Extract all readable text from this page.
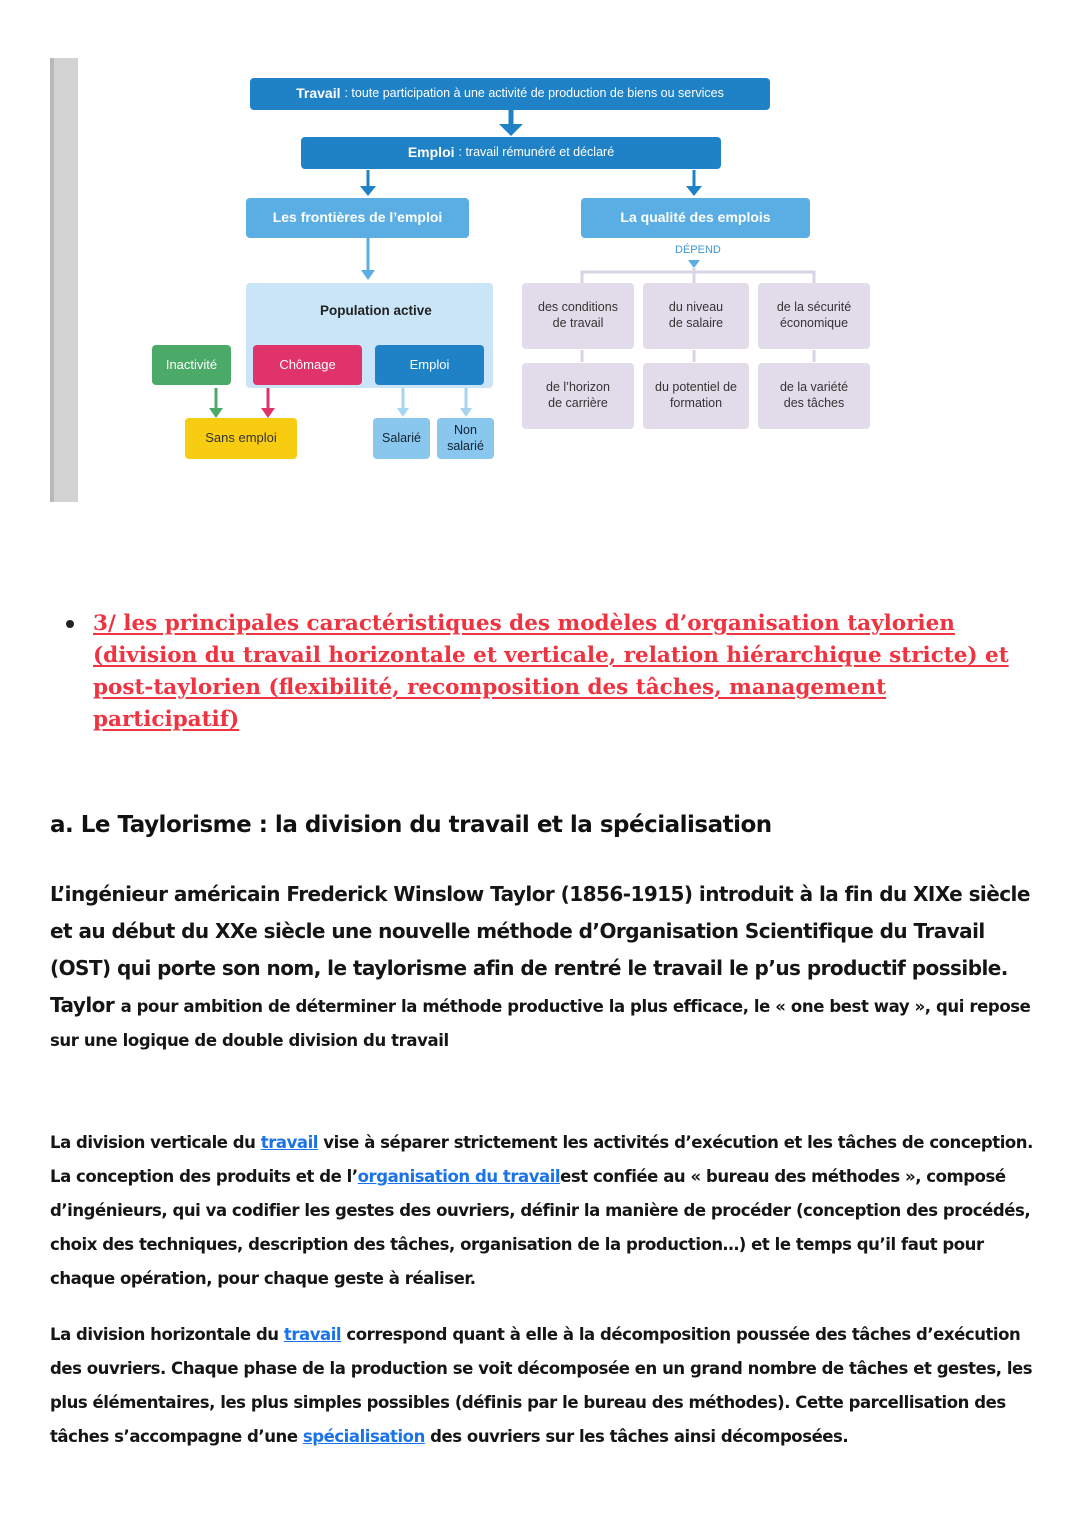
Travail : toute participation à une activité de production de biens ou services
Emploi : travail rémunéré et déclaré
Les frontières de l’emploi	La qualité des emplois
DÉPEND
Population active
Inactivité	Chômage	Emploi
Sans emploi	Salarié
Non salarié
des conditions de travail
du niveau de salaire
de la sécurité économique
de l’horizon de carrière
du potentiel de formation
de la variété des tâches
3/ les principales caractéristiques des modèles d’organisation taylorien (division du travail horizontale et verticale, relation hiérarchique stricte) et post-taylorien (flexibilité, recomposition des tâches, management participatif)
a. Le Taylorisme : la division du travail et la spécialisation
L’ingénieur américain Frederick Winslow Taylor (1856-1915) introduit à la fin du XIXe siècle et au début du XXe siècle une nouvelle méthode d’Organisation Scientifique du Travail (OST) qui porte son nom, le taylorisme afin de rentré le travail le p’us productif possible. Taylor a pour ambition de déterminer la méthode productive la plus efficace, le « one best way », qui repose sur une logique de double division du travail
La division verticale du travail vise à séparer strictement les activités d’exécution et les tâches de conception. La conception des produits et de l’organisation du travailest confiée au « bureau des méthodes », composé d’ingénieurs, qui va codifier les gestes des ouvriers, définir la manière de procéder (conception des procédés, choix des techniques, description des tâches, organisation de la production…) et le temps qu’il faut pour chaque opération, pour chaque geste à réaliser.
La division horizontale du travail correspond quant à elle à la décomposition poussée des tâches d’exécution des ouvriers. Chaque phase de la production se voit décomposée en un grand nombre de tâches et gestes, les plus élémentaires, les plus simples possibles (définis par le bureau des méthodes). Cette parcellisation des tâches s’accompagne d’une spécialisation des ouvriers sur les tâches ainsi décomposées.
